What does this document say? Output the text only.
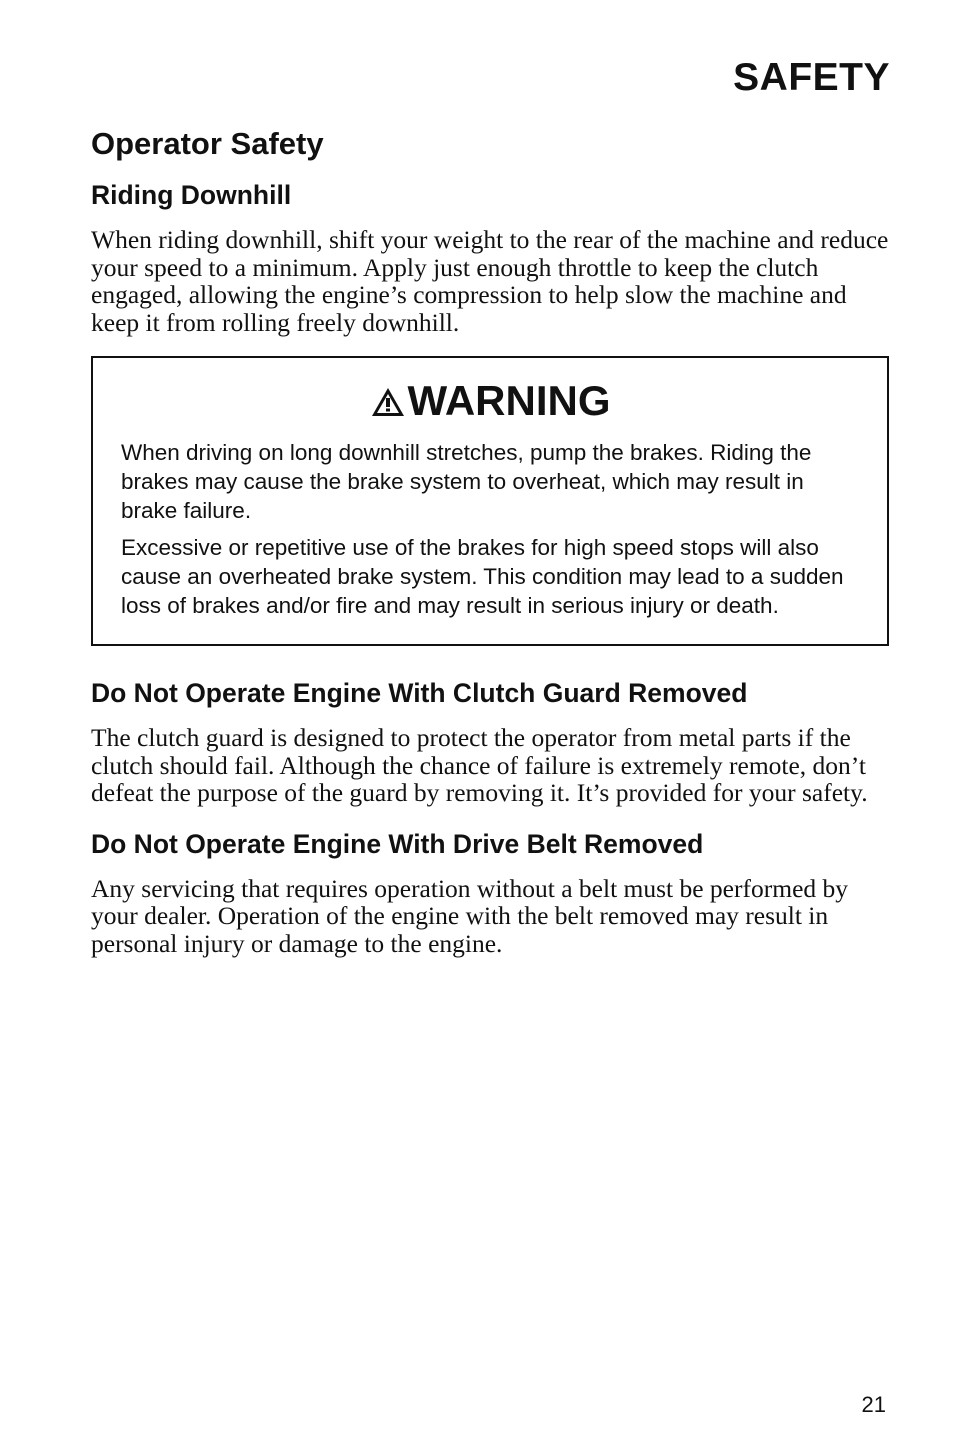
SAFETY
Operator Safety
Riding Downhill

When riding downhill, shift your weight to the rear of the machine and reduce your speed to a minimum. Apply just enough throttle to keep the clutch engaged, allowing the engine’s compression to help slow the machine and keep it from rolling freely downhill.

WARNING

When driving on long downhill stretches, pump the brakes. Riding the brakes may cause the brake system to overheat, which may result in brake failure.

Excessive or repetitive use of the brakes for high speed stops will also cause an overheated brake system. This condition may lead to a sudden loss of brakes and/or fire and may result in serious injury or death.

Do Not Operate Engine With Clutch Guard Removed

The clutch guard is designed to protect the operator from metal parts if the clutch should fail. Although the chance of failure is extremely remote, don’t defeat the purpose of the guard by removing it. It’s provided for your safety.

Do Not Operate Engine With Drive Belt Removed

Any servicing that requires operation without a belt must be performed by your dealer. Operation of the engine with the belt removed may result in personal injury or damage to the engine.

21
